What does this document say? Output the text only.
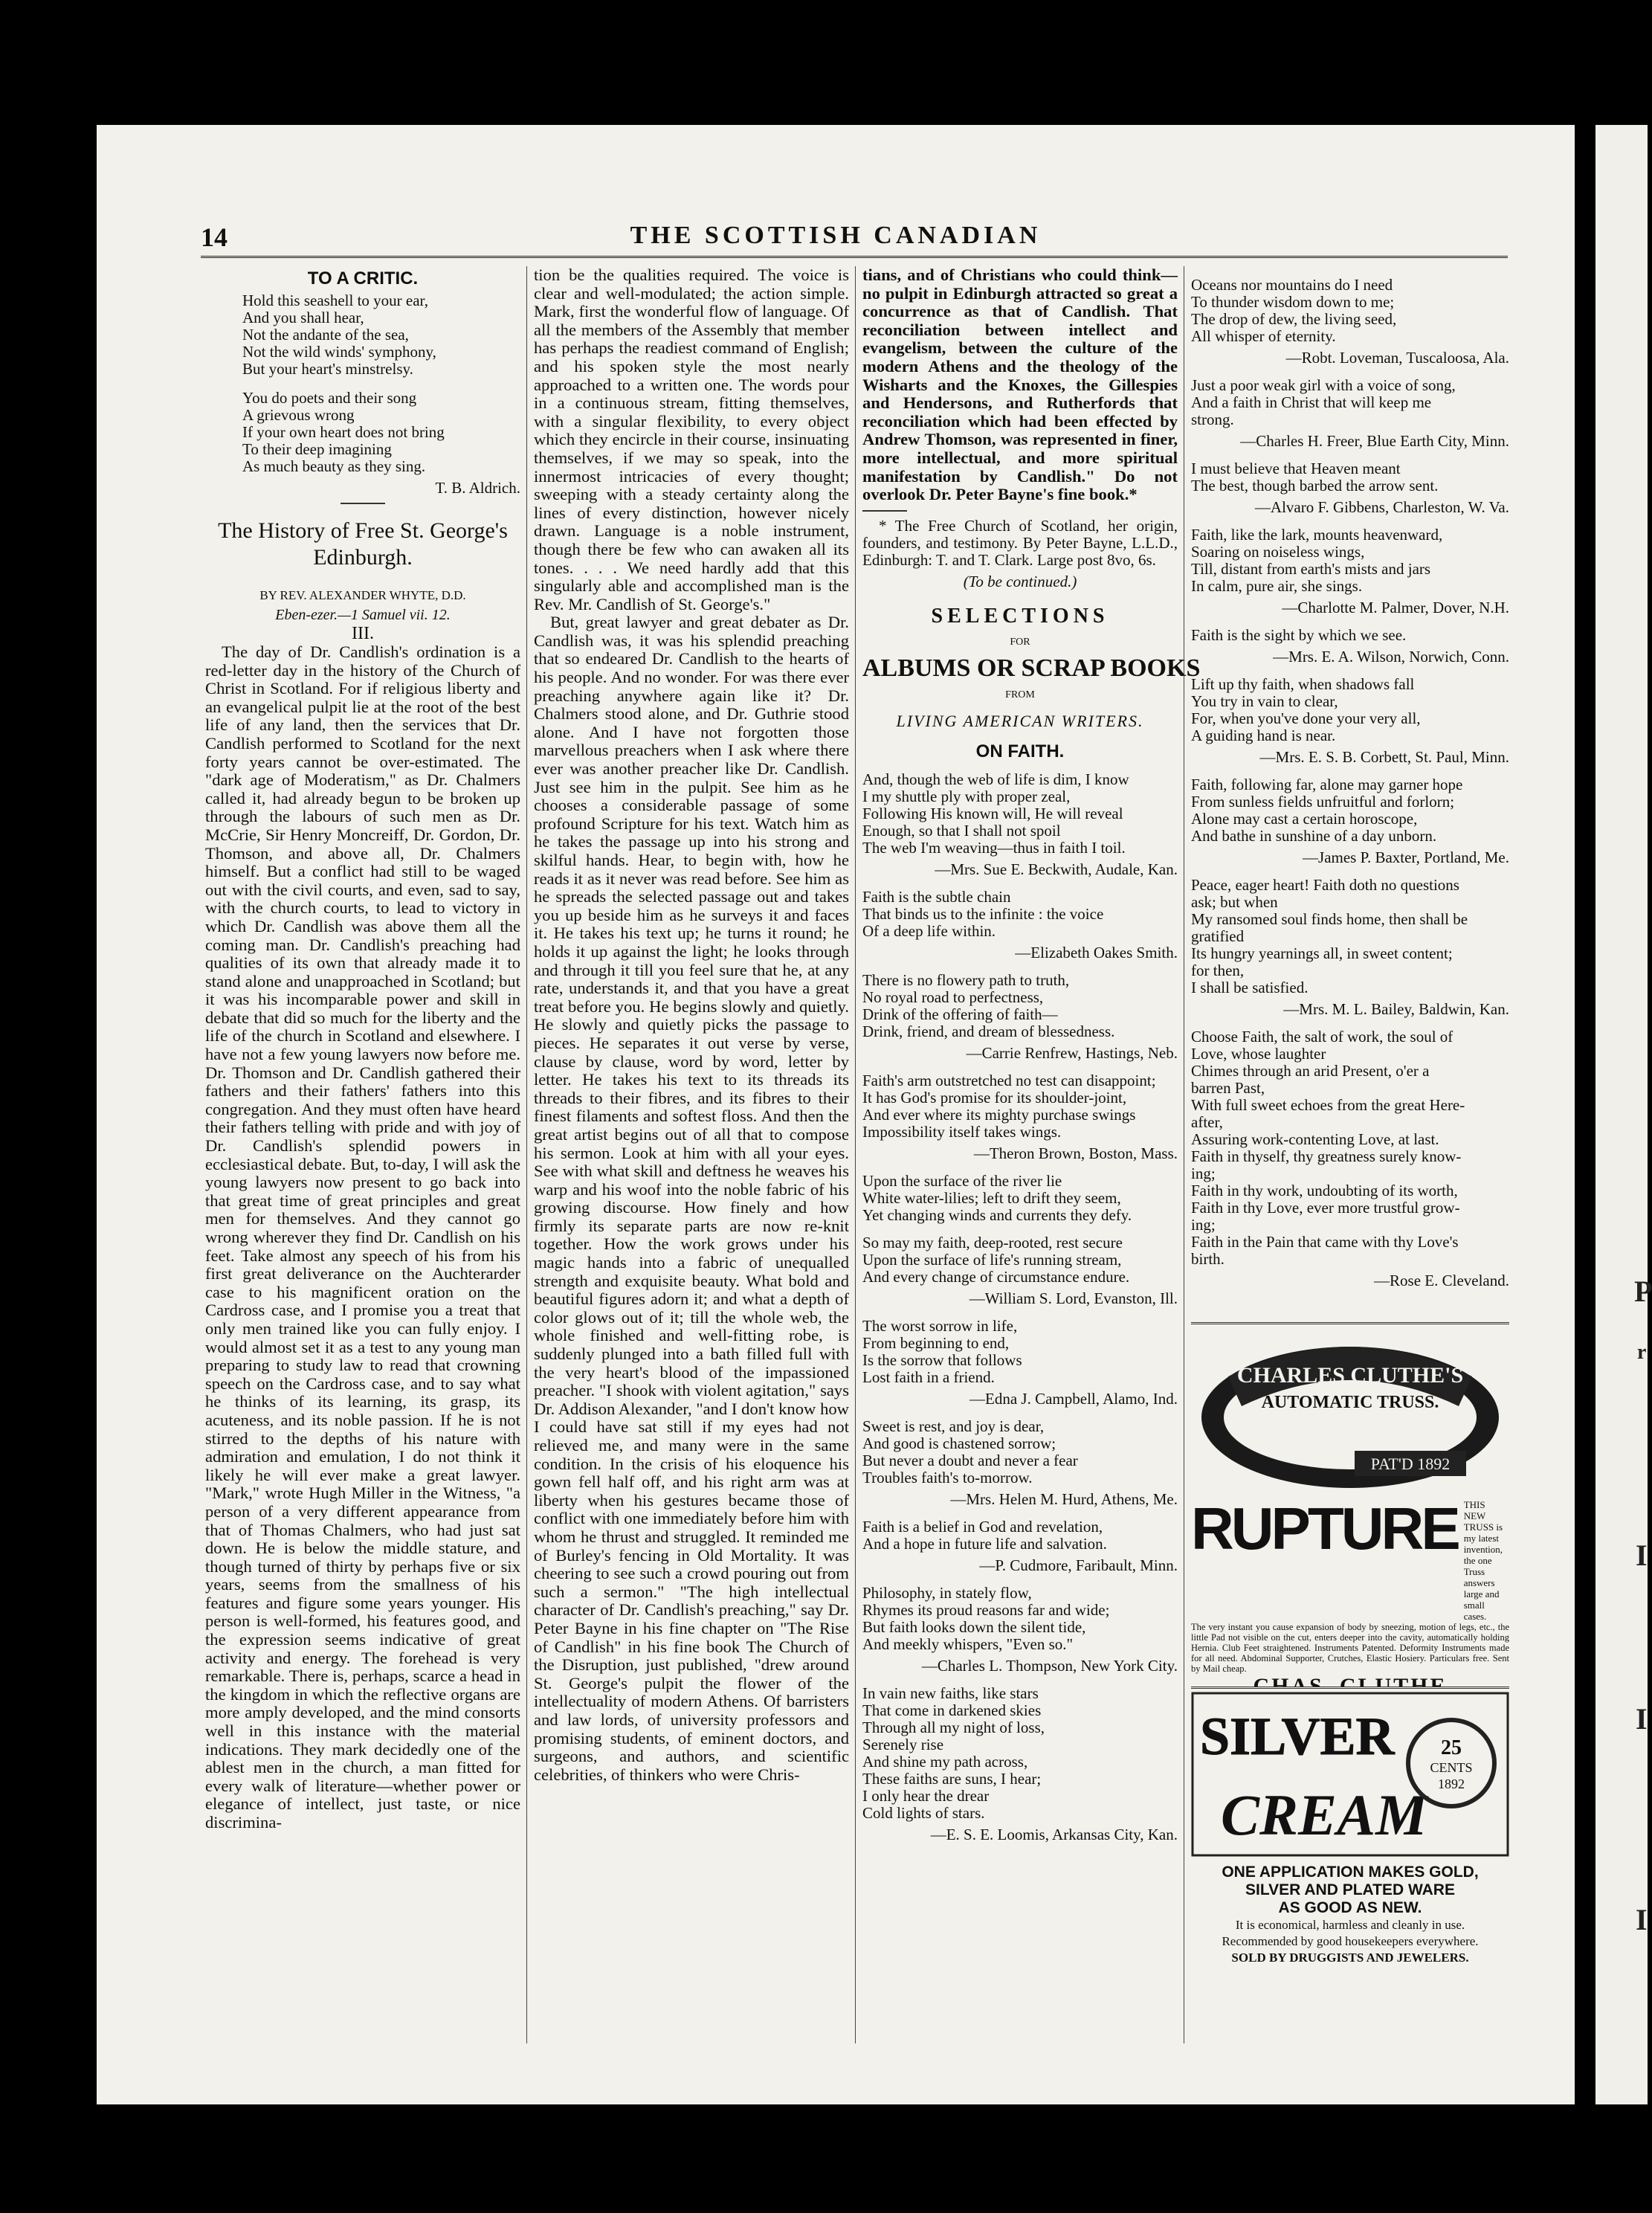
14	THE SCOTTISH CANADIAN
TO A CRITIC.
Hold this seashell to your ear,
And you shall hear,
Not the andante of the sea,
Not the wild winds' symphony,
But your heart's minstrelsy.
You do poets and their song
A grievous wrong
If your own heart does not bring
To their deep imagining
As much beauty as they sing.
T. B. Aldrich.
The History of Free St. George's Edinburgh.
BY REV. ALEXANDER WHYTE, D.D.
Eben-ezer.—1 Samuel vii. 12.
III.

The day of Dr. Candlish's ordination is a red-letter day in the history of the Church of Christ in Scotland. For if religious liberty and an evangelical pulpit lie at the root of the best life of any land, then the services that Dr. Candlish performed to Scotland for the next forty years cannot be over-estimated. The "dark age of Moderatism," as Dr. Chalmers called it, had already begun to be broken up through the labours of such men as Dr. McCrie, Sir Henry Moncreiff, Dr. Gordon, Dr. Thomson, and above all, Dr. Chalmers himself. But a conflict had still to be waged out with the civil courts, and even, sad to say, with the church courts, to lead to victory in which Dr. Candlish was above them all the coming man. Dr. Candlish's preaching had qualities of its own that already made it to stand alone and unapproached in Scotland; but it was his incomparable power and skill in debate that did so much for the liberty and the life of the church in Scotland and elsewhere. I have not a few young lawyers now before me. Dr. Thomson and Dr. Candlish gathered their fathers and their fathers' fathers into this congregation. And they must often have heard their fathers telling with pride and with joy of Dr. Candlish's splendid powers in ecclesiastical debate. But, to-day, I will ask the young lawyers now present to go back into that great time of great principles and great men for themselves. And they cannot go wrong wherever they find Dr. Candlish on his feet. Take almost any speech of his from his first great deliverance on the Auchterarder case to his magnificent oration on the Cardross case, and I promise you a treat that only men trained like you can fully enjoy. I would almost set it as a test to any young man preparing to study law to read that crowning speech on the Cardross case, and to say what he thinks of its learning, its grasp, its acuteness, and its noble passion. If he is not stirred to the depths of his nature with admiration and emulation, I do not think it likely he will ever make a great lawyer. "Mark," wrote Hugh Miller in the Witness, "a person of a very different appearance from that of Thomas Chalmers, who had just sat down. He is below the middle stature, and though turned of thirty by perhaps five or six years, seems from the smallness of his features and figure some years younger. His person is well-formed, his features good, and the expression seems indicative of great activity and energy. The forehead is very remarkable. There is, perhaps, scarce a head in the kingdom in which the reflective organs are more amply developed, and the mind consorts well in this instance with the material indications. They mark decidedly one of the ablest men in the church, a man fitted for every walk of literature—whether power or elegance of intellect, just taste, or nice discrimina-

tion be the qualities required. The voice is clear and well-modulated; the action simple. Mark, first the wonderful flow of language. Of all the members of the Assembly that member has perhaps the readiest command of English; and his spoken style the most nearly approached to a written one. The words pour in a continuous stream, fitting themselves, with a singular flexibility, to every object which they encircle in their course, insinuating themselves, if we may so speak, into the innermost intricacies of every thought; sweeping with a steady certainty along the lines of every distinction, however nicely drawn. Language is a noble instrument, though there be few who can awaken all its tones. . . . We need hardly add that this singularly able and accomplished man is the Rev. Mr. Candlish of St. George's."

But, great lawyer and great debater as Dr. Candlish was, it was his splendid preaching that so endeared Dr. Candlish to the hearts of his people. And no wonder. For was there ever preaching anywhere again like it? Dr. Chalmers stood alone, and Dr. Guthrie stood alone. And I have not forgotten those marvellous preachers when I ask where there ever was another preacher like Dr. Candlish. Just see him in the pulpit. See him as he chooses a considerable passage of some profound Scripture for his text. Watch him as he takes the passage up into his strong and skilful hands. Hear, to begin with, how he reads it as it never was read before. See him as he spreads the selected passage out and takes you up beside him as he surveys it and faces it. He takes his text up; he turns it round; he holds it up against the light; he looks through and through it till you feel sure that he, at any rate, understands it, and that you have a great treat before you. He begins slowly and quietly. He slowly and quietly picks the passage to pieces. He separates it out verse by verse, clause by clause, word by word, letter by letter. He takes his text to its threads its threads to their fibres, and its fibres to their finest filaments and softest floss. And then the great artist begins out of all that to compose his sermon. Look at him with all your eyes. See with what skill and deftness he weaves his warp and his woof into the noble fabric of his growing discourse. How finely and how firmly its separate parts are now re-knit together. How the work grows under his magic hands into a fabric of unequalled strength and exquisite beauty. What bold and beautiful figures adorn it; and what a depth of color glows out of it; till the whole web, the whole finished and well-fitting robe, is suddenly plunged into a bath filled full with the very heart's blood of the impassioned preacher. "I shook with violent agitation," says Dr. Addison Alexander, "and I don't know how I could have sat still if my eyes had not relieved me, and many were in the same condition. In the crisis of his eloquence his gown fell half off, and his right arm was at liberty when his gestures became those of conflict with one immediately before him with whom he thrust and struggled. It reminded me of Burley's fencing in Old Mortality. It was cheering to see such a crowd pouring out from such a sermon." "The high intellectual character of Dr. Candlish's preaching," say Dr. Peter Bayne in his fine chapter on "The Rise of Candlish" in his fine book The Church of the Disruption, just published, "drew around St. George's pulpit the flower of the intellectuality of modern Athens. Of barristers and law lords, of university professors and promising students, of eminent doctors, and surgeons, and authors, and scientific celebrities, of thinkers who were Chris-

tians, and of Christians who could think—no pulpit in Edinburgh attracted so great a concurrence as that of Candlish. That reconciliation between intellect and evangelism, between the culture of the modern Athens and the theology of the Wisharts and the Knoxes, the Gillespies and Hendersons, and Rutherfords that reconciliation which had been effected by Andrew Thomson, was represented in finer, more intellectual, and more spiritual manifestation by Candlish." Do not overlook Dr. Peter Bayne's fine book.*

* The Free Church of Scotland, her origin, founders, and testimony. By Peter Bayne, L.L.D., Edinburgh: T. and T. Clark. Large post 8vo, 6s.

(To be continued.)
SELECTIONS
FOR
ALBUMS OR SCRAP BOOKS
FROM
LIVING AMERICAN WRITERS.
ON FAITH.
And, though the web of life is dim, I know
I my shuttle ply with proper zeal,
Following His known will, He will reveal
Enough, so that I shall not spoil
The web I'm weaving—thus in faith I toil.
—Mrs. Sue E. Beckwith, Audale, Kan.
Faith is the subtle chain
That binds us to the infinite : the voice
Of a deep life within.
—Elizabeth Oakes Smith.
There is no flowery path to truth,
No royal road to perfectness,
Drink of the offering of faith—
Drink, friend, and dream of blessedness.
—Carrie Renfrew, Hastings, Neb.
Faith's arm outstretched no test can disappoint;
It has God's promise for its shoulder-joint,
And ever where its mighty purchase swings
Impossibility itself takes wings.
—Theron Brown, Boston, Mass.
Upon the surface of the river lie
White water-lilies; left to drift they seem,
Yet changing winds and currents they defy.
So may my faith, deep-rooted, rest secure
Upon the surface of life's running stream,
And every change of circumstance endure.
—William S. Lord, Evanston, Ill.
The worst sorrow in life,
From beginning to end,
Is the sorrow that follows
Lost faith in a friend.
—Edna J. Campbell, Alamo, Ind.
Sweet is rest, and joy is dear,
And good is chastened sorrow;
But never a doubt and never a fear
Troubles faith's to-morrow.
—Mrs. Helen M. Hurd, Athens, Me.
Faith is a belief in God and revelation,
And a hope in future life and salvation.
—P. Cudmore, Faribault, Minn.
Philosophy, in stately flow,
Rhymes its proud reasons far and wide;
But faith looks down the silent tide,
And meekly whispers, "Even so."
—Charles L. Thompson, New York City.
In vain new faiths, like stars
That come in darkened skies
Through all my night of loss,
Serenely rise
And shine my path across,
These faiths are suns, I hear;
I only hear the drear
Cold lights of stars.
—E. S. E. Loomis, Arkansas City, Kan.
Oceans nor mountains do I need
To thunder wisdom down to me;
The drop of dew, the living seed,
All whisper of eternity.
—Robt. Loveman, Tuscaloosa, Ala.
Just a poor weak girl with a voice of song,
And a faith in Christ that will keep me
strong.
—Charles H. Freer, Blue Earth City, Minn.
I must believe that Heaven meant
The best, though barbed the arrow sent.
—Alvaro F. Gibbens, Charleston, W. Va.
Faith, like the lark, mounts heavenward,
Soaring on noiseless wings,
Till, distant from earth's mists and jars
In calm, pure air, she sings.
—Charlotte M. Palmer, Dover, N.H.
Faith is the sight by which we see.
—Mrs. E. A. Wilson, Norwich, Conn.
Lift up thy faith, when shadows fall
You try in vain to clear,
For, when you've done your very all,
A guiding hand is near.
—Mrs. E. S. B. Corbett, St. Paul, Minn.
Faith, following far, alone may garner hope
From sunless fields unfruitful and forlorn;
Alone may cast a certain horoscope,
And bathe in sunshine of a day unborn.
—James P. Baxter, Portland, Me.
Peace, eager heart! Faith doth no questions
ask; but when
My ransomed soul finds home, then shall be
gratified
Its hungry yearnings all, in sweet content;
for then,
I shall be satisfied.
—Mrs. M. L. Bailey, Baldwin, Kan.
Choose Faith, the salt of work, the soul of
Love, whose laughter
Chimes through an arid Present, o'er a
barren Past,
With full sweet echoes from the great Here-
after,
Assuring work-contenting Love, at last.
Faith in thyself, thy greatness surely know-
ing;
Faith in thy work, undoubting of its worth,
Faith in thy Love, ever more trustful grow-
ing;
Faith in the Pain that came with thy Love's
birth.
—Rose E. Cleveland.
CHARLES CLUTHE'S
AUTOMATIC TRUSS.
PAT'D 1892
RUPTURE THIS NEW TRUSS is my latest invention, the one Truss answers large and small cases.
The very instant you cause expansion of body by sneezing, motion of legs, etc., the little Pad not visible on the cut, enters deeper into the cavity, automatically holding Hernia. Club Feet straightened. Instruments Patented. Deformity Instruments made for all need. Abdominal Supporter, Crutches, Elastic Hosiery. Particulars free. Sent by Mail cheap.
SILVER
CREAM
25
CENTS
1892
ONE APPLICATION MAKES GOLD,
SILVER AND PLATED WARE
AS GOOD AS NEW.
It is economical, harmless and cleanly in use.
Recommended by good housekeepers everywhere.
SOLD BY DRUGGISTS AND JEWELERS.
P
r
I
I
I
